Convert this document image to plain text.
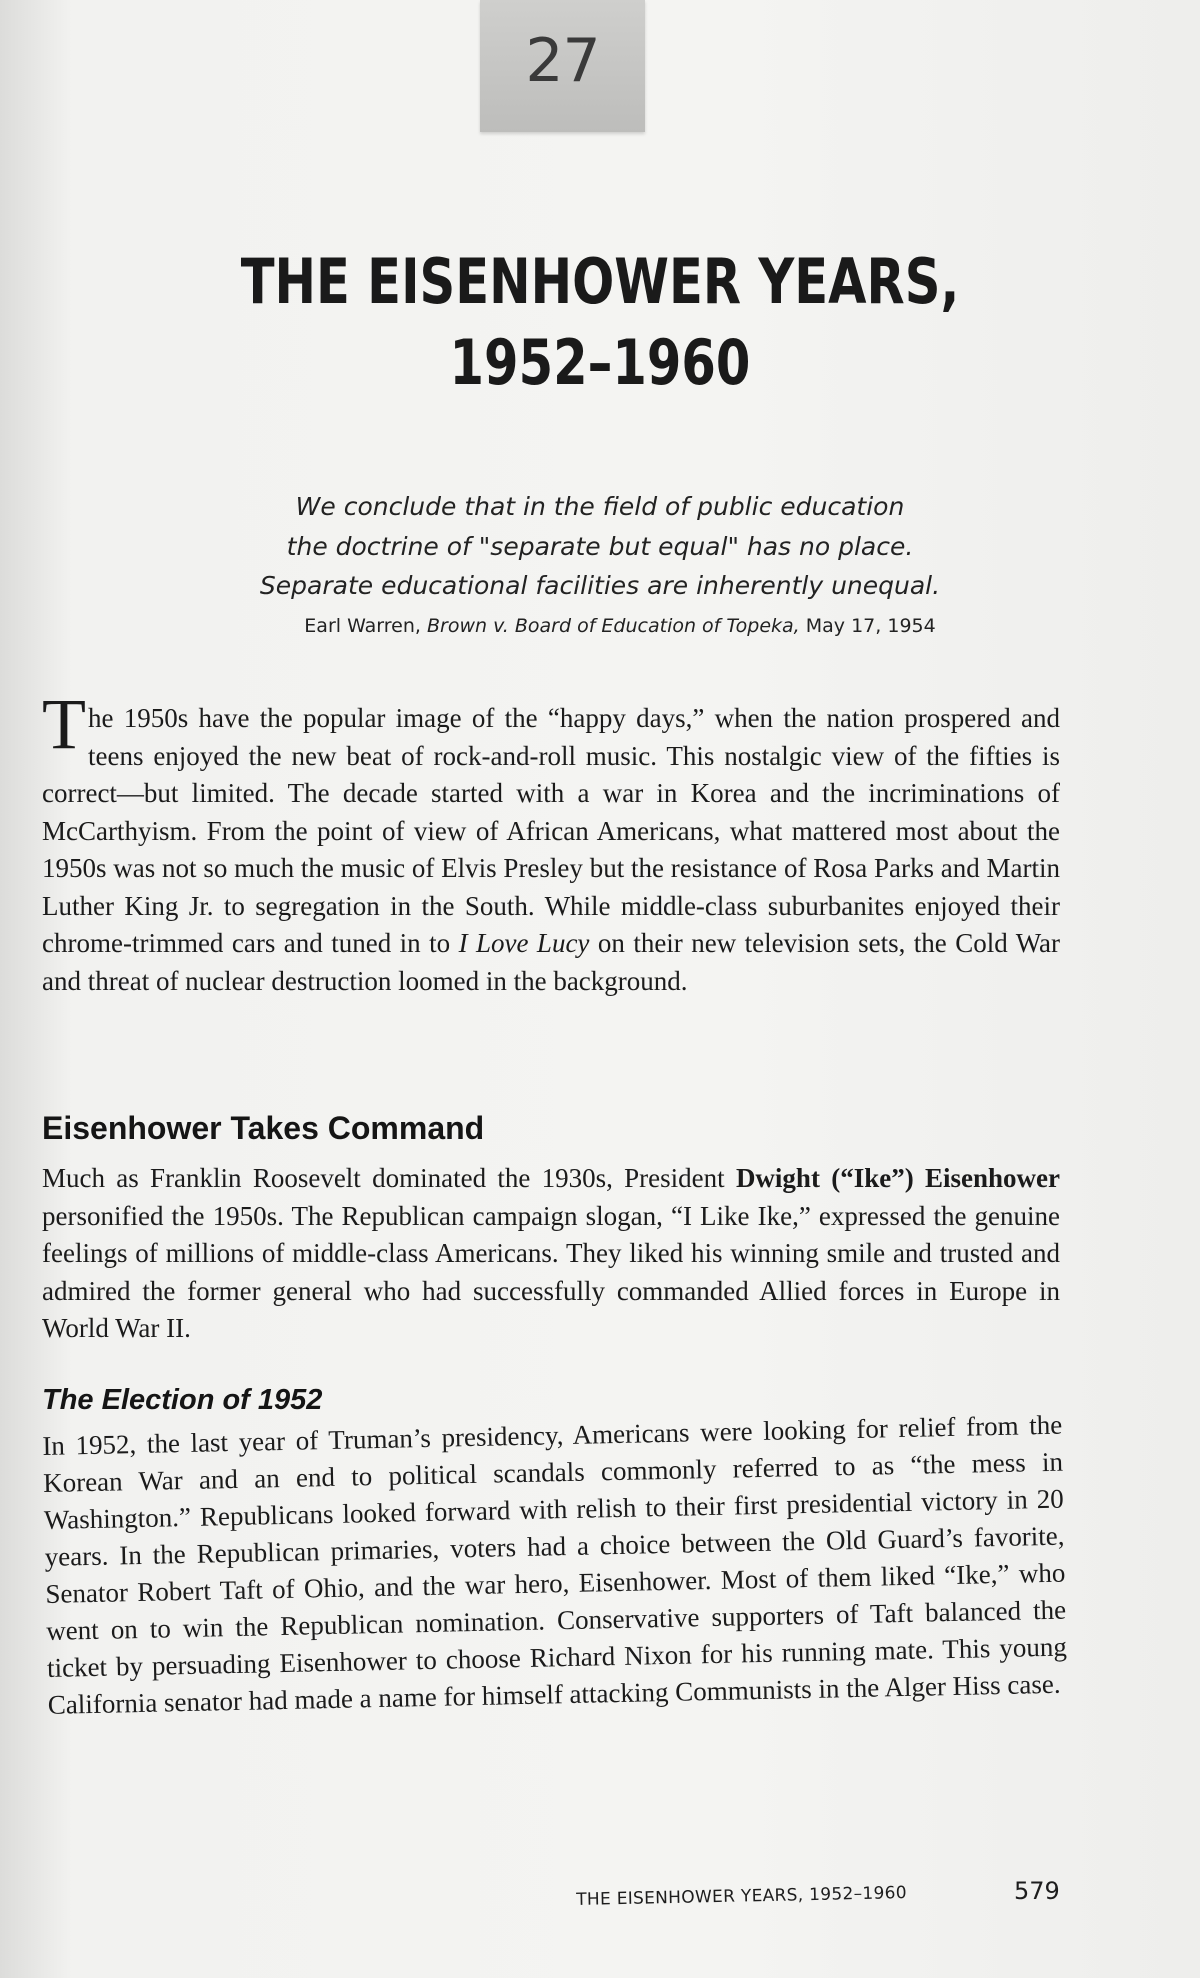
27
THE EISENHOWER YEARS,
1952–1960
We conclude that in the field of public education
the doctrine of "separate but equal" has no place.
Separate educational facilities are inherently unequal.
Earl Warren, Brown v. Board of Education of Topeka, May 17, 1954

The 1950s have the popular image of the “happy days,” when the nation prospered and teens enjoyed the new beat of rock-and-roll music. This nostalgic view of the fifties is correct—but limited. The decade started with a war in Korea and the incriminations of McCarthyism. From the point of view of African Americans, what mattered most about the 1950s was not so much the music of Elvis Presley but the resistance of Rosa Parks and Martin Luther King Jr. to segregation in the South. While middle-class suburbanites enjoyed their chrome-trimmed cars and tuned in to I Love Lucy on their new television sets, the Cold War and threat of nuclear destruction loomed in the background.

Eisenhower Takes Command

Much as Franklin Roosevelt dominated the 1930s, President Dwight (“Ike”) Eisenhower personified the 1950s. The Republican campaign slogan, “I Like Ike,” expressed the genuine feelings of millions of middle-class Americans. They liked his winning smile and trusted and admired the former general who had successfully commanded Allied forces in Europe in World War II.

The Election of 1952

In 1952, the last year of Truman’s presidency, Americans were looking for relief from the Korean War and an end to political scandals commonly referred to as “the mess in Washington.” Republicans looked forward with relish to their first presidential victory in 20 years. In the Republican primaries, voters had a choice between the Old Guard’s favorite, Senator Robert Taft of Ohio, and the war hero, Eisenhower. Most of them liked “Ike,” who went on to win the Republican nomination. Conservative supporters of Taft balanced the ticket by persuading Eisenhower to choose Richard Nixon for his running mate. This young California senator had made a name for himself attacking Communists in the Alger Hiss case.

THE EISENHOWER YEARS, 1952–1960	579
